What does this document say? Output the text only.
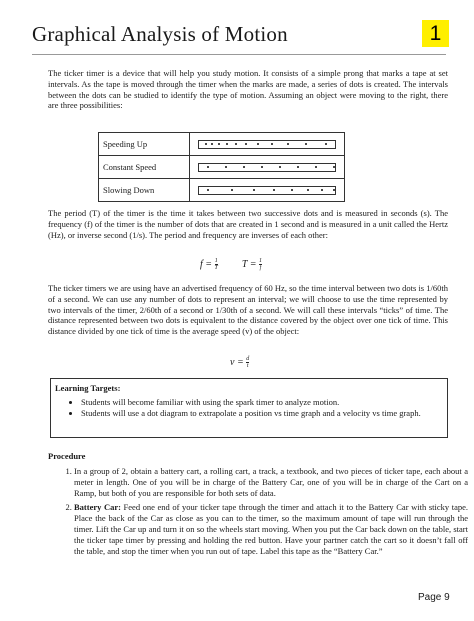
Graphical Analysis of Motion	1

The ticker timer is a device that will help you study motion. It consists of a simple prong that marks a tape at set intervals. As the tape is moved through the timer when the marks are made, a series of dots is created. The intervals between the dots can be studied to identify the type of motion. Assuming an object were moving to the right, there are three possibilities:

Speeding Up	

Constant Speed	

Slowing Down	

The period (T) of the timer is the time it takes between two successive dots and is measured in seconds (s). The frequency (f) of the timer is the number of dots that are created in 1 second and is measured in a unit called the Hertz (Hz), or inverse second (1/s). The period and frequency are inverses of each other:

$f = \frac{1}{T}$ $T = \frac{1}{f}$

The ticker timers we are using have an advertised frequency of 60 Hz, so the time interval between two dots is 1/60th of a second. We can use any number of dots to represent an interval; we will choose to use the time represented by two intervals of the timer, 2/60th of a second or 1/30th of a second. We will call these intervals “ticks” of time. The distance represented between two dots is equivalent to the distance covered by the object over one tick of time. This distance divided by one tick of time is the average speed (v) of the object:

$v = \frac{d}{t}$
Learning Targets:
• Students will become familiar with using the spark timer to analyze motion.
• Students will use a dot diagram to extrapolate a position vs time graph and a velocity vs time graph.
Procedure
1. In a group of 2, obtain a battery cart, a rolling cart, a track, a textbook, and two pieces of ticker tape, each about a meter in length. One of you will be in charge of the Battery Car, one of you will be in charge of the Cart on a Ramp, but both of you are responsible for both sets of data.
2. Battery Car: Feed one end of your ticker tape through the timer and attach it to the Battery Car with sticky tape. Place the back of the Car as close as you can to the timer, so the maximum amount of tape will run through the timer. Lift the Car up and turn it on so the wheels start moving. When you put the Car back down on the table, start the ticker tape timer by pressing and holding the red button. Have your partner catch the cart so it doesn’t fall off the table, and stop the timer when you run out of tape. Label this tape as the “Battery Car.”
Page 9
